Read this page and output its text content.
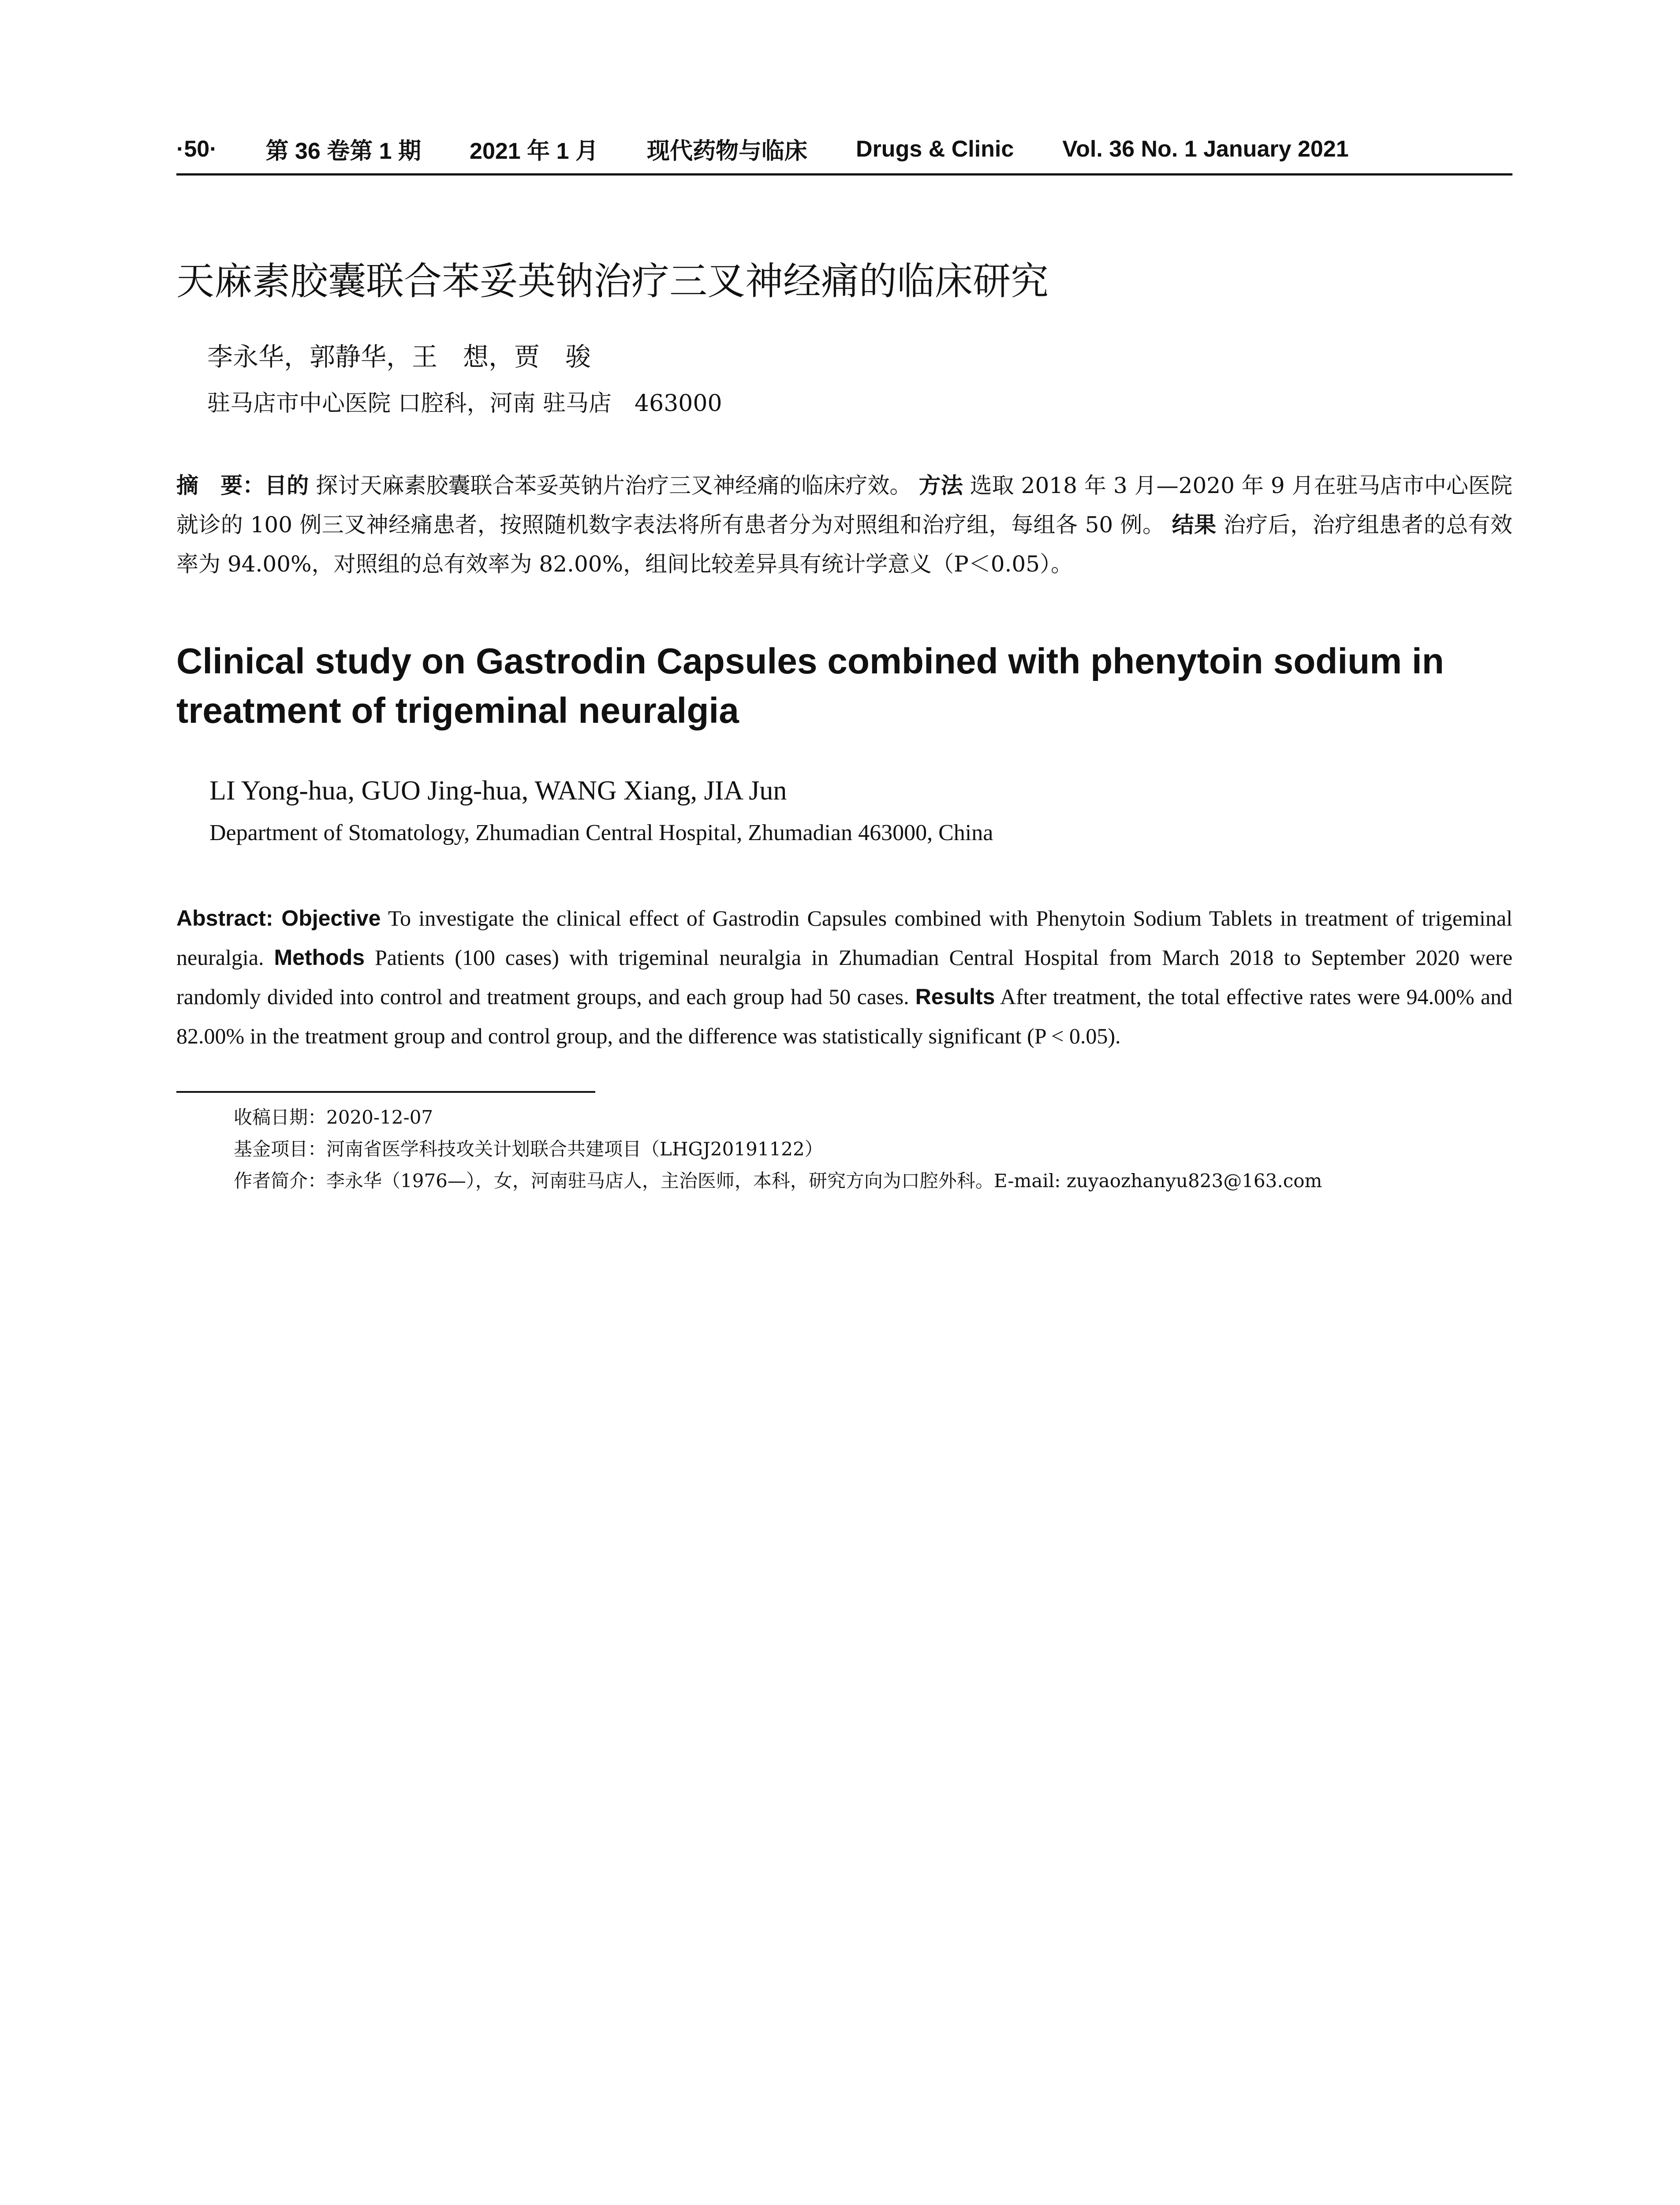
·50· 第 36 卷第 1 期 2021 年 1 月 现代药物与临床 Drugs & Clinic Vol. 36 No. 1 January 2021
天麻素胶囊联合苯妥英钠治疗三叉神经痛的临床研究
李永华，郭静华，王　想，贾　骏
驻马店市中心医院 口腔科，河南 驻马店　463000
摘　要：目的 探讨天麻素胶囊联合苯妥英钠片治疗三叉神经痛的临床疗效。 方法 选取 2018 年 3 月—2020 年 9 月在驻马店市中心医院就诊的 100 例三叉神经痛患者，按照随机数字表法将所有患者分为对照组和治疗组，每组各 50 例。 结果 治疗后，治疗组患者的总有效率为 94.00%，对照组的总有效率为 82.00%，组间比较差异具有统计学意义（P＜0.05）。
Clinical study on Gastrodin Capsules combined with phenytoin sodium in treatment of trigeminal neuralgia
LI Yong-hua, GUO Jing-hua, WANG Xiang, JIA Jun
Department of Stomatology, Zhumadian Central Hospital, Zhumadian 463000, China
Abstract: Objective To investigate the clinical effect of Gastrodin Capsules combined with Phenytoin Sodium Tablets in treatment of trigeminal neuralgia. Methods Patients (100 cases) with trigeminal neuralgia in Zhumadian Central Hospital from March 2018 to September 2020 were randomly divided into control and treatment groups, and each group had 50 cases. Results After treatment, the total effective rates were 94.00% and 82.00% in the treatment group and control group, and the difference was statistically significant (P < 0.05).
收稿日期：2020-12-07
基金项目：河南省医学科技攻关计划联合共建项目（LHGJ20191122）
作者简介：李永华（1976—），女，河南驻马店人，主治医师，本科，研究方向为口腔外科。E-mail: zuyaozhanyu823@163.com
